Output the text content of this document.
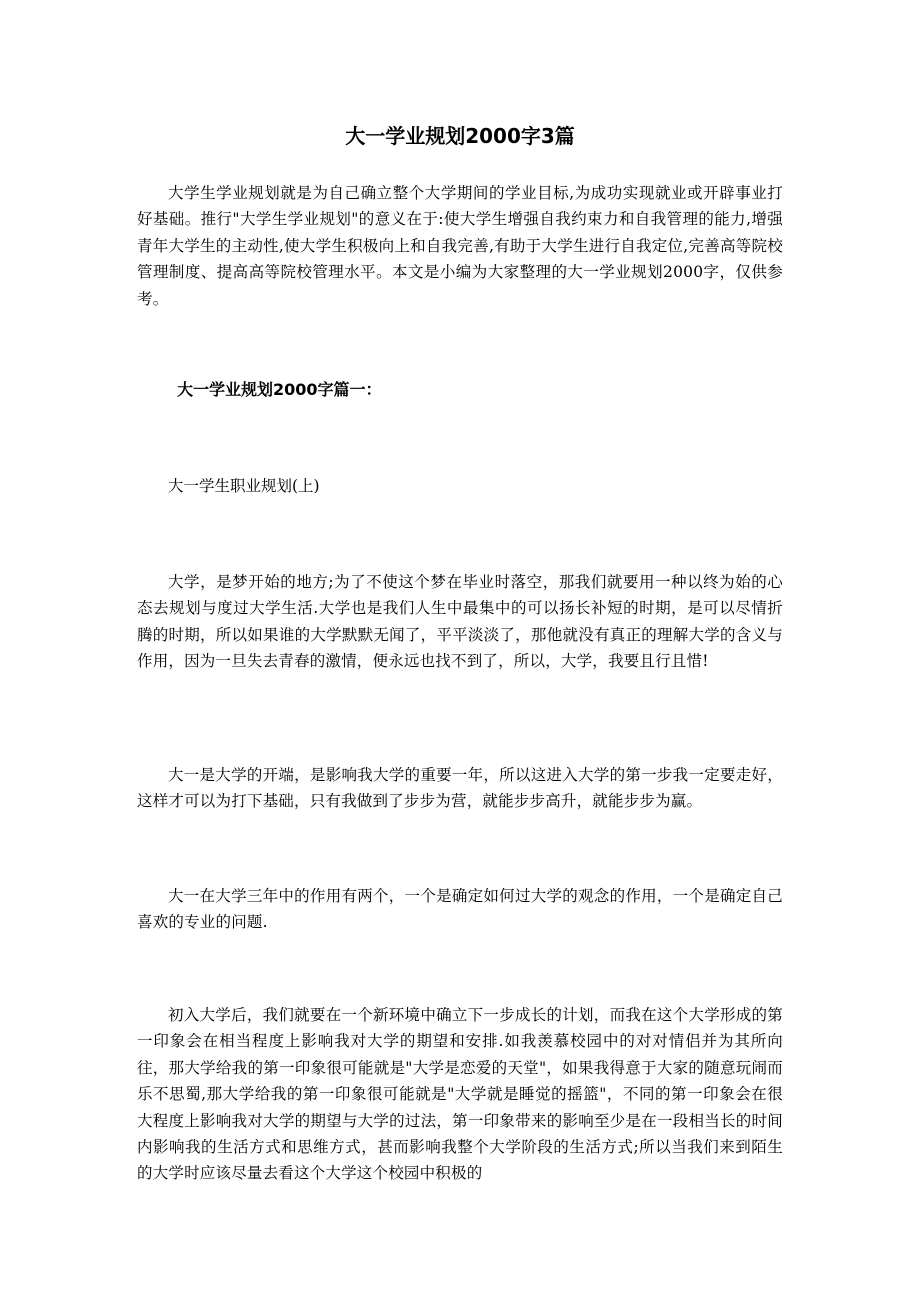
大一学业规划2000字3篇

大学生学业规划就是为自己确立整个大学期间的学业目标,为成功实现就业或开辟事业打好基础。推行"大学生学业规划"的意义在于:使大学生增强自我约束力和自我管理的能力,增强青年大学生的主动性,使大学生积极向上和自我完善,有助于大学生进行自我定位,完善高等院校管理制度、提高高等院校管理水平。本文是小编为大家整理的大一学业规划2000字，仅供参考。

大一学业规划2000字篇一：

大一学生职业规划(上)

大学，是梦开始的地方;为了不使这个梦在毕业时落空，那我们就要用一种以终为始的心态去规划与度过大学生活.大学也是我们人生中最集中的可以扬长补短的时期，是可以尽情折腾的时期，所以如果谁的大学默默无闻了，平平淡淡了，那他就没有真正的理解大学的含义与作用，因为一旦失去青春的激情，便永远也找不到了，所以，大学，我要且行且惜!

大一是大学的开端，是影响我大学的重要一年，所以这进入大学的第一步我一定要走好，这样才可以为打下基础，只有我做到了步步为营，就能步步高升，就能步步为赢。

大一在大学三年中的作用有两个，一个是确定如何过大学的观念的作用，一个是确定自己喜欢的专业的问题.

初入大学后，我们就要在一个新环境中确立下一步成长的计划，而我在这个大学形成的第一印象会在相当程度上影响我对大学的期望和安排.如我羡慕校园中的对对情侣并为其所向往，那大学给我的第一印象很可能就是"大学是恋爱的天堂"，如果我得意于大家的随意玩闹而乐不思蜀,那大学给我的第一印象很可能就是"大学就是睡觉的摇篮"，不同的第一印象会在很大程度上影响我对大学的期望与大学的过法，第一印象带来的影响至少是在一段相当长的时间内影响我的生活方式和思维方式，甚而影响我整个大学阶段的生活方式;所以当我们来到陌生的大学时应该尽量去看这个大学这个校园中积极的
